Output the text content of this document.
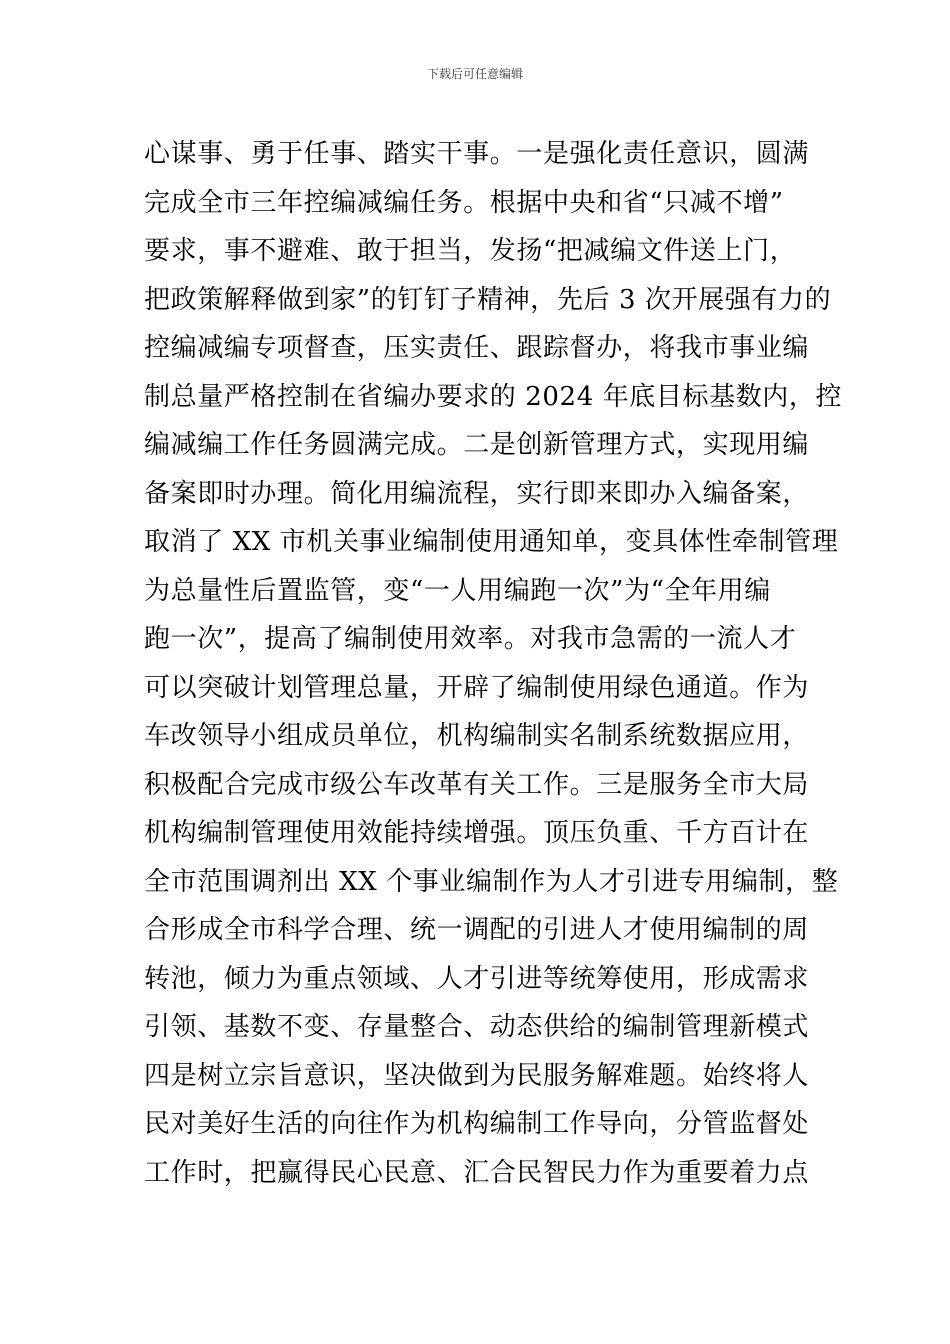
下载后可任意编辑
心谋事、勇于任事、踏实干事。一是强化责任意识，圆满
完成全市三年控编减编任务。根据中央和省“只减不增”
要求，事不避难、敢于担当，发扬“把减编文件送上门，
把政策解释做到家”的钉钉子精神，先后 3 次开展强有力的
控编减编专项督查，压实责任、跟踪督办，将我市事业编
制总量严格控制在省编办要求的 2024 年底目标基数内，控
编减编工作任务圆满完成。二是创新管理方式，实现用编
备案即时办理。简化用编流程，实行即来即办入编备案，
取消了 XX 市机关事业编制使用通知单，变具体性牵制管理
为总量性后置监管，变“一人用编跑一次”为“全年用编
跑一次”，提高了编制使用效率。对我市急需的一流人才
可以突破计划管理总量，开辟了编制使用绿色通道。作为
车改领导小组成员单位，机构编制实名制系统数据应用，
积极配合完成市级公车改革有关工作。三是服务全市大局
机构编制管理使用效能持续增强。顶压负重、千方百计在
全市范围调剂出 XX 个事业编制作为人才引进专用编制，整
合形成全市科学合理、统一调配的引进人才使用编制的周
转池，倾力为重点领域、人才引进等统筹使用，形成需求
引领、基数不变、存量整合、动态供给的编制管理新模式
四是树立宗旨意识，坚决做到为民服务解难题。始终将人
民对美好生活的向往作为机构编制工作导向，分管监督处
工作时，把赢得民心民意、汇合民智民力作为重要着力点
